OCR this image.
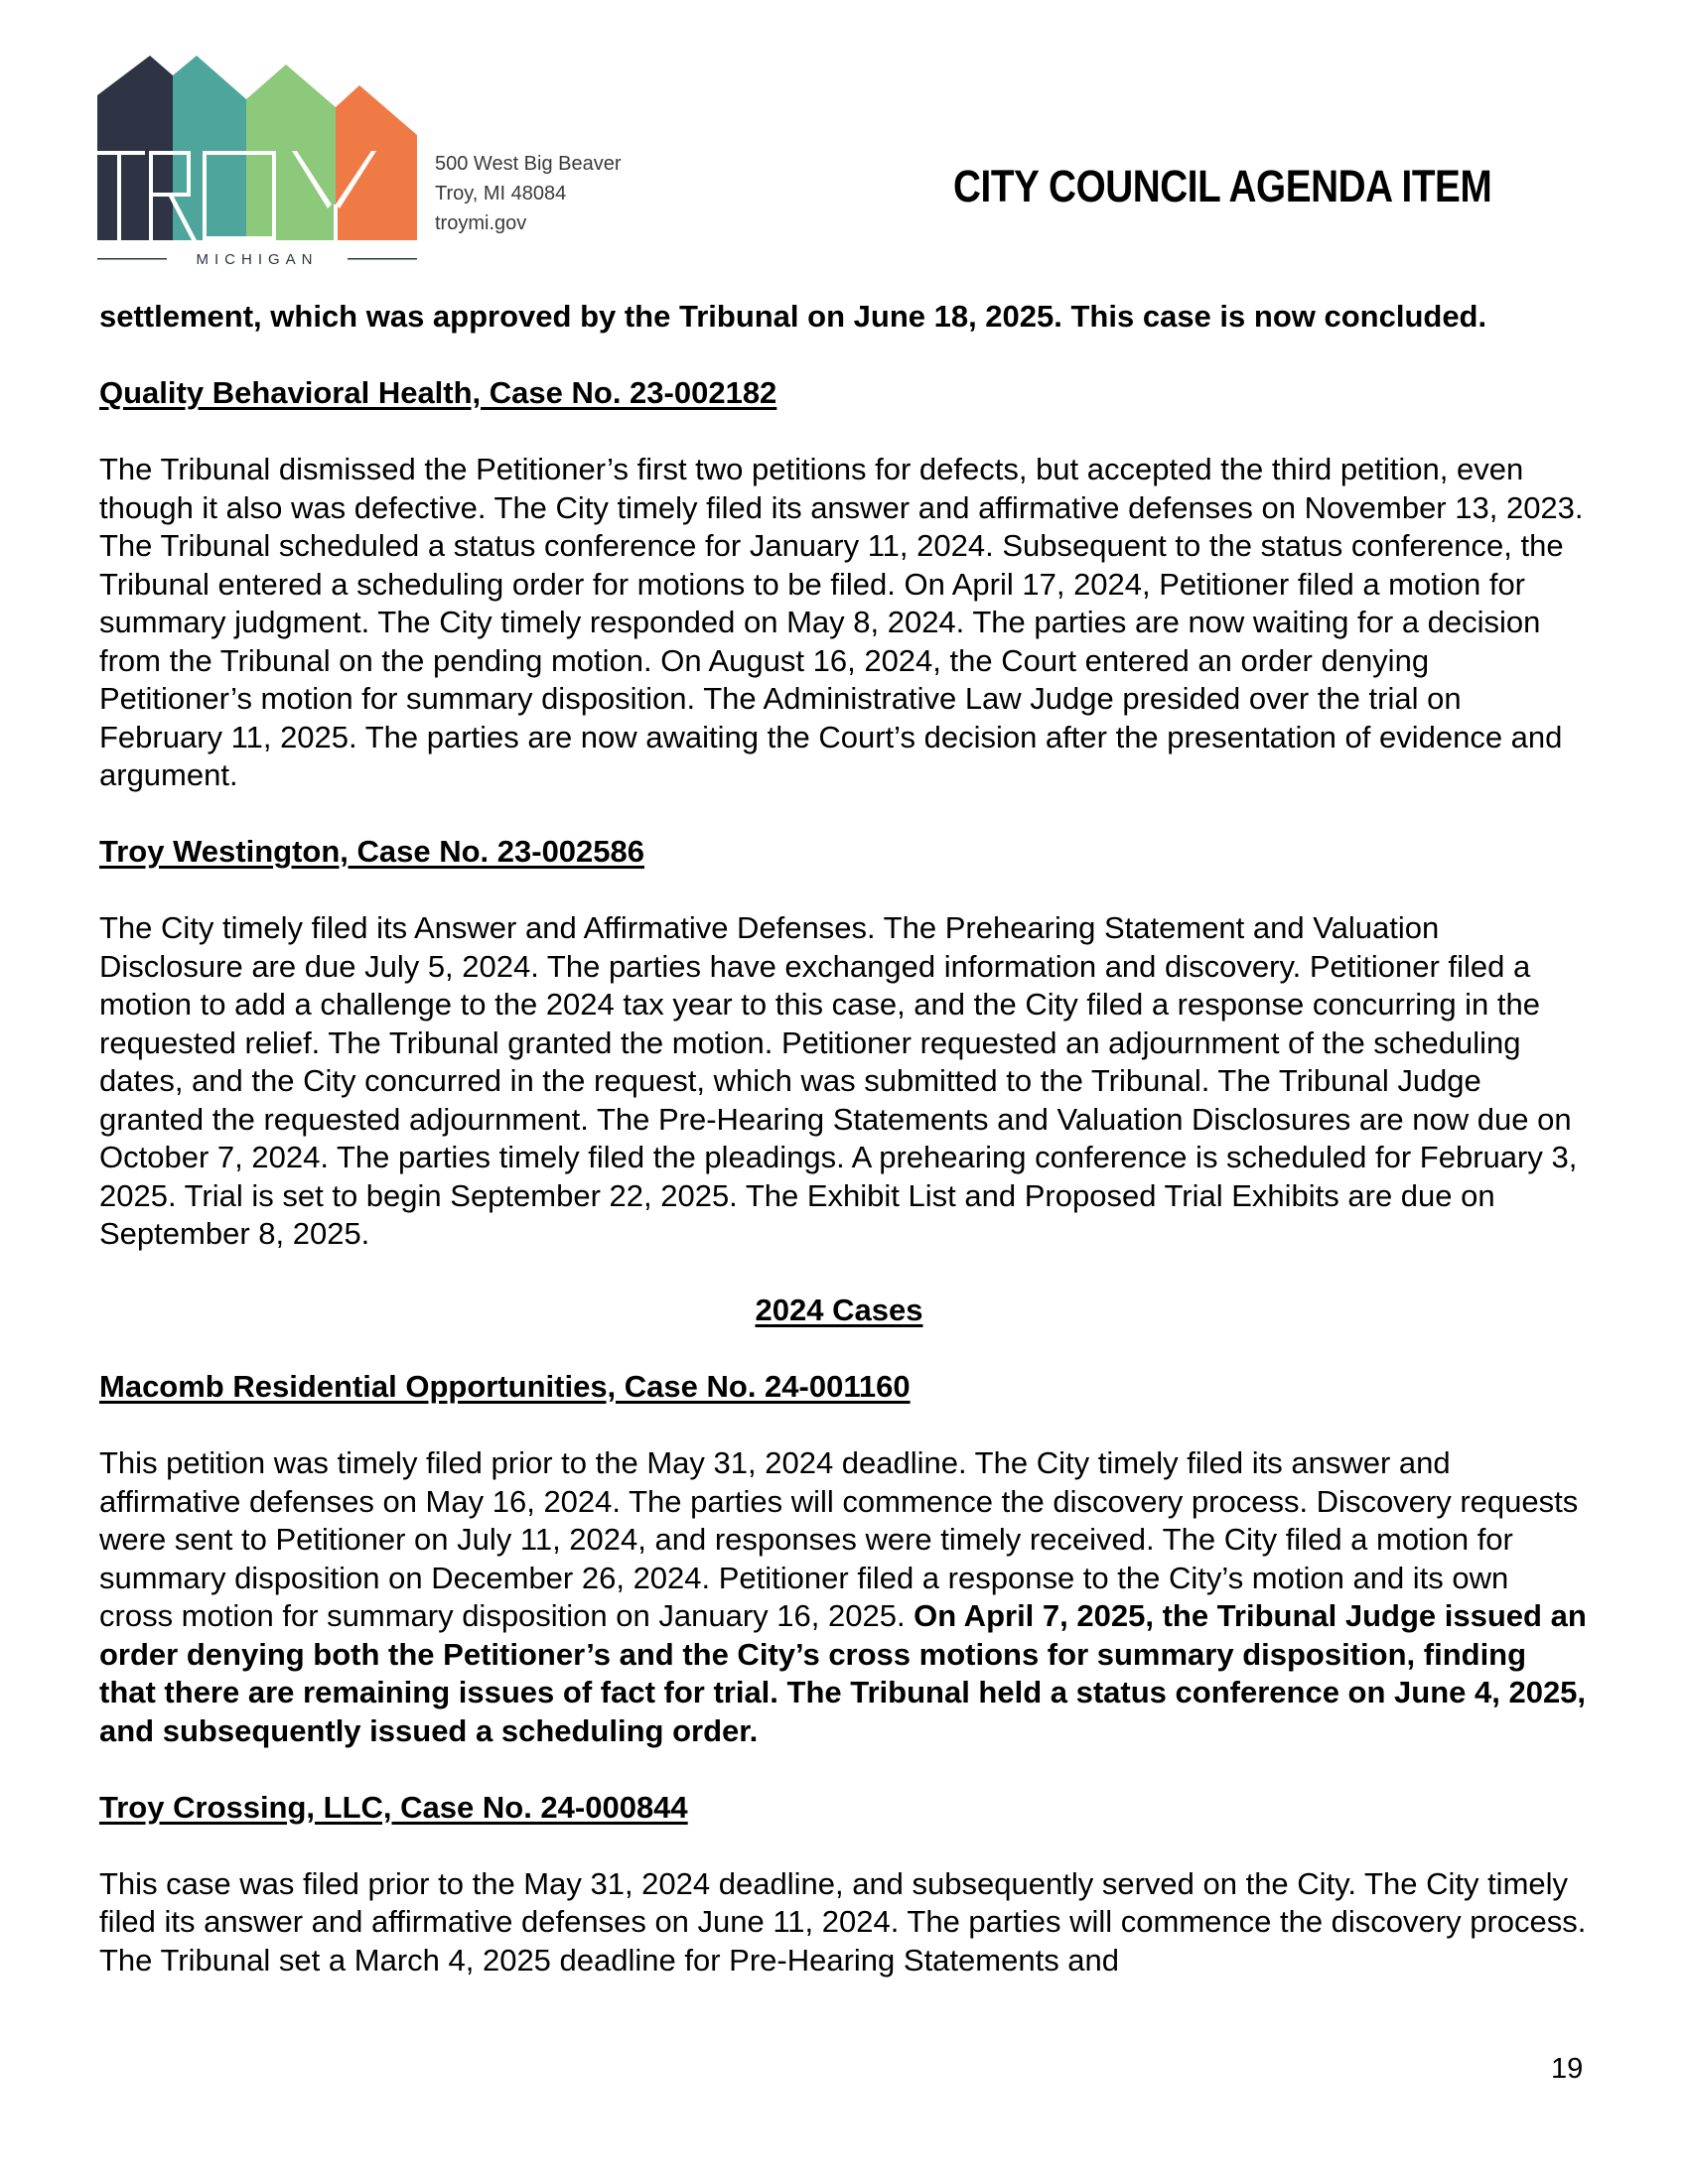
MICHIGAN
500 West Big Beaver
Troy, MI 48084
troymi.gov
CITY COUNCIL AGENDA ITEM

settlement, which was approved by the Tribunal on June 18, 2025. This case is now concluded.

Quality Behavioral Health, Case No. 23-002182

The Tribunal dismissed the Petitioner’s first two petitions for defects, but accepted the third petition, even though it also was defective. The City timely filed its answer and affirmative defenses on November 13, 2023. The Tribunal scheduled a status conference for January 11, 2024. Subsequent to the status conference, the Tribunal entered a scheduling order for motions to be filed. On April 17, 2024, Petitioner filed a motion for summary judgment. The City timely responded on May 8, 2024. The parties are now waiting for a decision from the Tribunal on the pending motion. On August 16, 2024, the Court entered an order denying Petitioner’s motion for summary disposition. The Administrative Law Judge presided over the trial on February 11, 2025. The parties are now awaiting the Court’s decision after the presentation of evidence and argument.

Troy Westington, Case No. 23-002586

The City timely filed its Answer and Affirmative Defenses. The Prehearing Statement and Valuation Disclosure are due July 5, 2024. The parties have exchanged information and discovery. Petitioner filed a motion to add a challenge to the 2024 tax year to this case, and the City filed a response concurring in the requested relief. The Tribunal granted the motion. Petitioner requested an adjournment of the scheduling dates, and the City concurred in the request, which was submitted to the Tribunal. The Tribunal Judge granted the requested adjournment. The Pre-Hearing Statements and Valuation Disclosures are now due on October 7, 2024. The parties timely filed the pleadings. A prehearing conference is scheduled for February 3, 2025. Trial is set to begin September 22, 2025. The Exhibit List and Proposed Trial Exhibits are due on September 8, 2025.

2024 Cases

Macomb Residential Opportunities, Case No. 24-001160

This petition was timely filed prior to the May 31, 2024 deadline. The City timely filed its answer and affirmative defenses on May 16, 2024. The parties will commence the discovery process. Discovery requests were sent to Petitioner on July 11, 2024, and responses were timely received. The City filed a motion for summary disposition on December 26, 2024. Petitioner filed a response to the City’s motion and its own cross motion for summary disposition on January 16, 2025. On April 7, 2025, the Tribunal Judge issued an order denying both the Petitioner’s and the City’s cross motions for summary disposition, finding that there are remaining issues of fact for trial. The Tribunal held a status conference on June 4, 2025, and subsequently issued a scheduling order.

Troy Crossing, LLC, Case No. 24-000844

This case was filed prior to the May 31, 2024 deadline, and subsequently served on the City. The City timely filed its answer and affirmative defenses on June 11, 2024. The parties will commence the discovery process. The Tribunal set a March 4, 2025 deadline for Pre-Hearing Statements and

19
